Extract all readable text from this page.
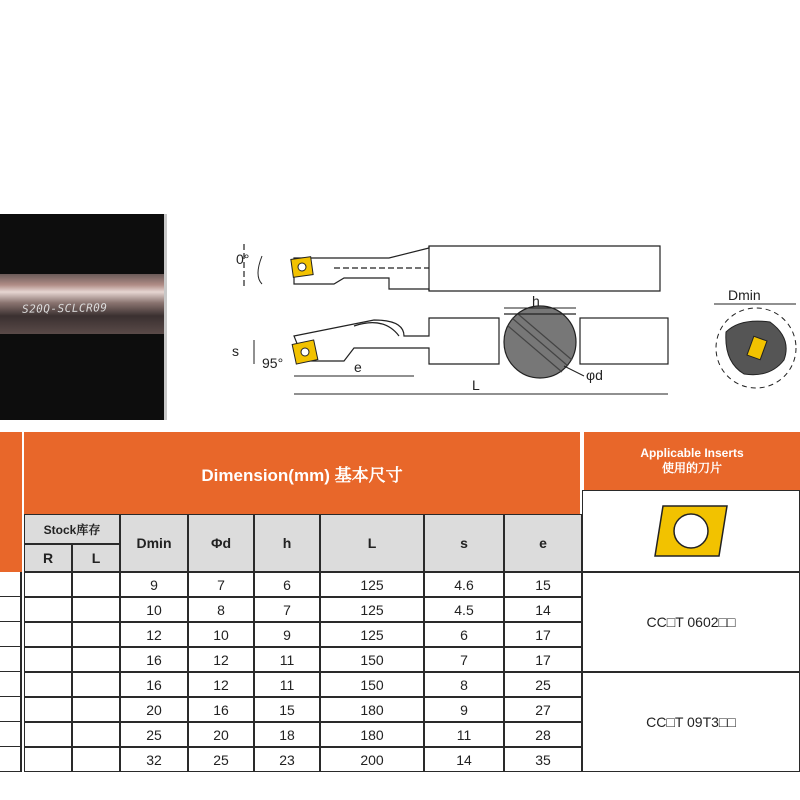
S20Q-SCLCR09
0°
h
s
95°	e
L
φd
Dmin
Dimension(mm) 基本尺寸
Applicable Inserts
使用的刀片
Stock库存
R	L
Dmin	Φd	h	L	s	e
9	7	6	125	4.6	15
10	8	7	125	4.5	14
12	10	9	125	6	17
16	12	11	150	7	17
16	12	11	150	8	25
20	16	15	180	9	27
25	20	18	180	11	28
32	25	23	200	14	35
CC□T 0602□□
CC□T 09T3□□
